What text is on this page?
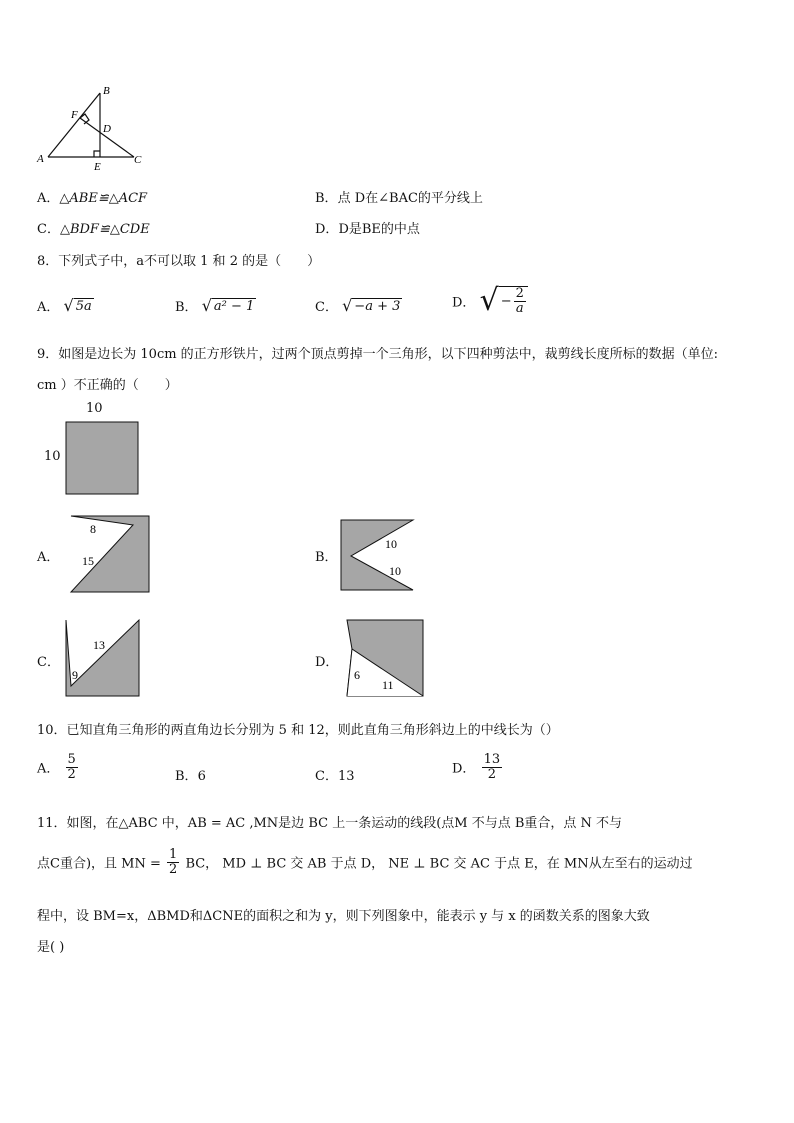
B
F
D
A
E
C
A．△ABE≌△ACF	B．点 D在∠BAC的平分线上
C．△BDF≌△CDE	D．D是BE的中点
8．下列式子中，a不可以取 1 和 2 的是（　　）
A． √ 5a	B． √ a² − 1	C． √ −a + 3	D． √ − $\frac{2}{a}$
9．如图是边长为 10cm 的正方形铁片，过两个顶点剪掉一个三角形，以下四种剪法中，裁剪线长度所标的数据（单位:
cm ）不正确的（　　）
10
10
A．
8
15	B．
10
10
C．
9
13
D．
6
11
10．已知直角三角形的两直角边长分别为 5 和 12，则此直角三角形斜边上的中线长为（）
A． $\frac{5}{2}$	B．6	C．13	D． $\frac{13}{2}$
11．如图，在△ABC 中，AB = AC ,MN是边 BC 上一条运动的线段(点M 不与点 B重合，点 N 不与
点C重合)，且 MN = $\frac{1}{2}$ BC， MD ⊥ BC 交 AB 于点 D， NE ⊥ BC 交 AC 于点 E，在 MN从左至右的运动过
程中，设 BM=x，ΔBMD和ΔCNE的面积之和为 y，则下列图象中，能表示 y 与 x 的函数关系的图象大致
是( )
